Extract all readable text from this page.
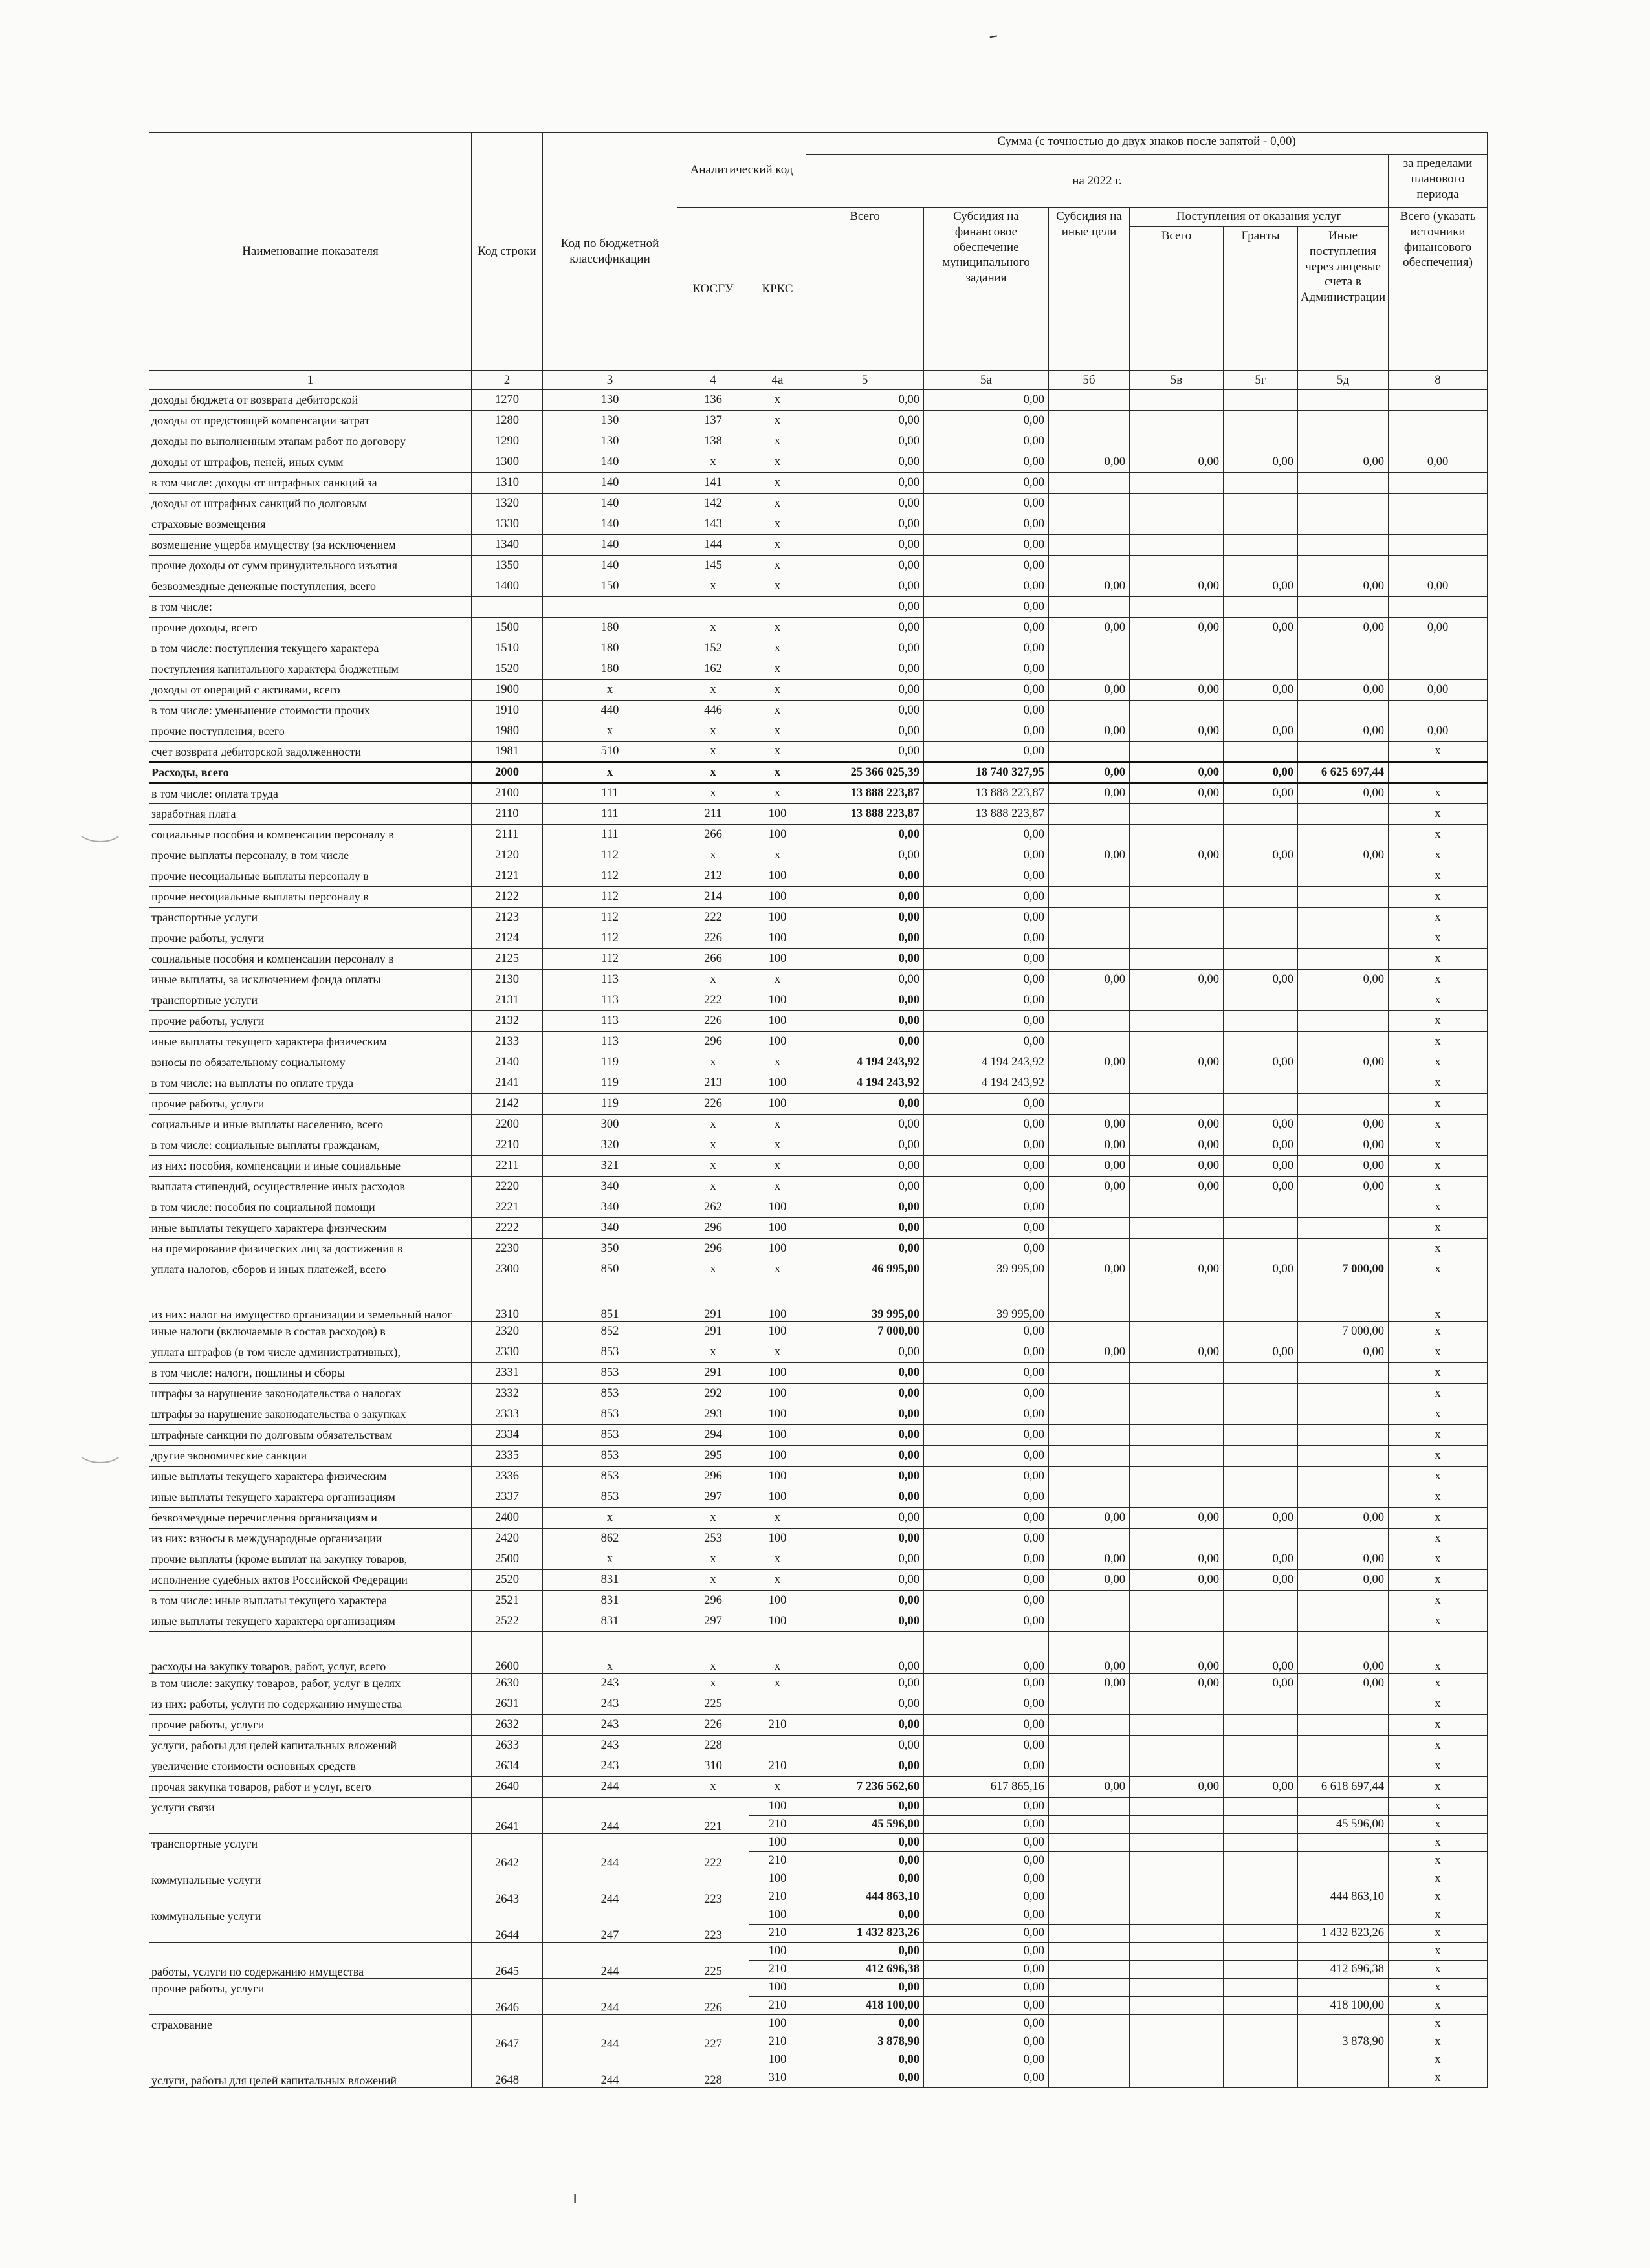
Наименование показателя	Код строки	Код по бюджетной классификации	Аналитический код		Сумма (с точностью до двух знаков после запятой - 0,00)						
					на 2022 г.						за пределами планового периода
			КОСГУ	КРКС	Всего	Субсидия на финансовое обеспечение муниципального задания	Субсидия на иные цели	Поступления от оказания услуг			Всего (указать источники финансового обеспечения)
								Всего	Гранты	Иные поступления через лицевые счета в Администрации	
1	2	3	4	4а	5	5а	5б	5в	5г	5д	8
доходы бюджета от возврата дебиторской	1270	130	136	x	0,00	0,00					
доходы от предстоящей компенсации затрат	1280	130	137	x	0,00	0,00					
доходы по выполненным этапам работ по договору	1290	130	138	x	0,00	0,00					
доходы от штрафов, пеней, иных сумм	1300	140	x	x	0,00	0,00	0,00	0,00	0,00	0,00	0,00
в том числе: доходы от штрафных санкций за	1310	140	141	x	0,00	0,00					
доходы от штрафных санкций по долговым	1320	140	142	x	0,00	0,00					
страховые возмещения	1330	140	143	x	0,00	0,00					
возмещение ущерба имуществу (за исключением	1340	140	144	x	0,00	0,00					
прочие доходы от сумм принудительного изъятия	1350	140	145	x	0,00	0,00					
безвозмездные денежные поступления, всего	1400	150	x	x	0,00	0,00	0,00	0,00	0,00	0,00	0,00
в том числе:					0,00	0,00					
прочие доходы, всего	1500	180	x	x	0,00	0,00	0,00	0,00	0,00	0,00	0,00
в том числе: поступления текущего характера	1510	180	152	x	0,00	0,00					
поступления капитального характера бюджетным	1520	180	162	x	0,00	0,00					
доходы от операций с активами, всего	1900	x	x	x	0,00	0,00	0,00	0,00	0,00	0,00	0,00
в том числе: уменьшение стоимости прочих	1910	440	446	x	0,00	0,00					
прочие поступления, всего	1980	x	x	x	0,00	0,00	0,00	0,00	0,00	0,00	0,00
счет возврата дебиторской задолженности	1981	510	x	x	0,00	0,00					x
Расходы, всего	2000	x	x	x	25 366 025,39	18 740 327,95	0,00	0,00	0,00	6 625 697,44	
в том числе: оплата труда	2100	111	x	x	13 888 223,87	13 888 223,87	0,00	0,00	0,00	0,00	x
заработная плата	2110	111	211	100	13 888 223,87	13 888 223,87					x
социальные пособия и компенсации персоналу в	2111	111	266	100	0,00	0,00					x
прочие выплаты персоналу, в том числе	2120	112	x	x	0,00	0,00	0,00	0,00	0,00	0,00	x
прочие несоциальные выплаты персоналу в	2121	112	212	100	0,00	0,00					x
прочие несоциальные выплаты персоналу в	2122	112	214	100	0,00	0,00					x
транспортные услуги	2123	112	222	100	0,00	0,00					x
прочие работы, услуги	2124	112	226	100	0,00	0,00					x
социальные пособия и компенсации персоналу в	2125	112	266	100	0,00	0,00					x
иные выплаты, за исключением фонда оплаты	2130	113	x	x	0,00	0,00	0,00	0,00	0,00	0,00	x
транспортные услуги	2131	113	222	100	0,00	0,00					x
прочие работы, услуги	2132	113	226	100	0,00	0,00					x
иные выплаты текущего характера физическим	2133	113	296	100	0,00	0,00					x
взносы по обязательному социальному	2140	119	x	x	4 194 243,92	4 194 243,92	0,00	0,00	0,00	0,00	x
в том числе: на выплаты по оплате труда	2141	119	213	100	4 194 243,92	4 194 243,92					x
прочие работы, услуги	2142	119	226	100	0,00	0,00					x
социальные и иные выплаты населению, всего	2200	300	x	x	0,00	0,00	0,00	0,00	0,00	0,00	x
в том числе: социальные выплаты гражданам,	2210	320	x	x	0,00	0,00	0,00	0,00	0,00	0,00	x
из них: пособия, компенсации и иные социальные	2211	321	x	x	0,00	0,00	0,00	0,00	0,00	0,00	x
выплата стипендий, осуществление иных расходов	2220	340	x	x	0,00	0,00	0,00	0,00	0,00	0,00	x
в том числе: пособия по социальной помощи	2221	340	262	100	0,00	0,00					x
иные выплаты текущего характера физическим	2222	340	296	100	0,00	0,00					x
на премирование физических лиц за достижения в	2230	350	296	100	0,00	0,00					x
уплата налогов, сборов и иных платежей, всего	2300	850	x	x	46 995,00	39 995,00	0,00	0,00	0,00	7 000,00	x
из них: налог на имущество организации и земельный налог	2310	851	291	100	39 995,00	39 995,00					x
иные налоги (включаемые в состав расходов) в	2320	852	291	100	7 000,00	0,00				7 000,00	x
уплата штрафов (в том числе административных),	2330	853	x	x	0,00	0,00	0,00	0,00	0,00	0,00	x
в том числе: налоги, пошлины и сборы	2331	853	291	100	0,00	0,00					x
штрафы за нарушение законодательства о налогах	2332	853	292	100	0,00	0,00					x
штрафы за нарушение законодательства о закупках	2333	853	293	100	0,00	0,00					x
штрафные санкции по долговым обязательствам	2334	853	294	100	0,00	0,00					x
другие экономические санкции	2335	853	295	100	0,00	0,00					x
иные выплаты текущего характера физическим	2336	853	296	100	0,00	0,00					x
иные выплаты текущего характера организациям	2337	853	297	100	0,00	0,00					x
безвозмездные перечисления организациям и	2400	x	x	x	0,00	0,00	0,00	0,00	0,00	0,00	x
из них: взносы в международные организации	2420	862	253	100	0,00	0,00					x
прочие выплаты (кроме выплат на закупку товаров,	2500	x	x	x	0,00	0,00	0,00	0,00	0,00	0,00	x
исполнение судебных актов Российской Федерации	2520	831	x	x	0,00	0,00	0,00	0,00	0,00	0,00	x
в том числе: иные выплаты текущего характера	2521	831	296	100	0,00	0,00					x
иные выплаты текущего характера организациям	2522	831	297	100	0,00	0,00					x
расходы на закупку товаров, работ, услуг, всего	2600	x	x	x	0,00	0,00	0,00	0,00	0,00	0,00	x
в том числе: закупку товаров, работ, услуг в целях	2630	243	x	x	0,00	0,00	0,00	0,00	0,00	0,00	x
из них: работы, услуги по содержанию имущества	2631	243	225		0,00	0,00					x
прочие работы, услуги	2632	243	226	210	0,00	0,00					x
услуги, работы для целей капитальных вложений	2633	243	228		0,00	0,00					x
увеличение стоимости основных средств	2634	243	310	210	0,00	0,00					x
прочая закупка товаров, работ и услуг, всего	2640	244	x	x	7 236 562,60	617 865,16	0,00	0,00	0,00	6 618 697,44	x
услуги связи	2641	244	221	100	0,00	0,00					x
				210	45 596,00	0,00				45 596,00	x
транспортные услуги	2642	244	222	100	0,00	0,00					x
				210	0,00	0,00					x
коммунальные услуги	2643	244	223	100	0,00	0,00					x
				210	444 863,10	0,00				444 863,10	x
коммунальные услуги	2644	247	223	100	0,00	0,00					x
				210	1 432 823,26	0,00				1 432 823,26	x
работы, услуги по содержанию имущества	2645	244	225	100	0,00	0,00					x
				210	412 696,38	0,00				412 696,38	x
прочие работы, услуги	2646	244	226	100	0,00	0,00					x
				210	418 100,00	0,00				418 100,00	x
страхование	2647	244	227	100	0,00	0,00					x
				210	3 878,90	0,00				3 878,90	x
услуги, работы для целей капитальных вложений	2648	244	228	100	0,00	0,00					x
				310	0,00	0,00					x
–
ı
